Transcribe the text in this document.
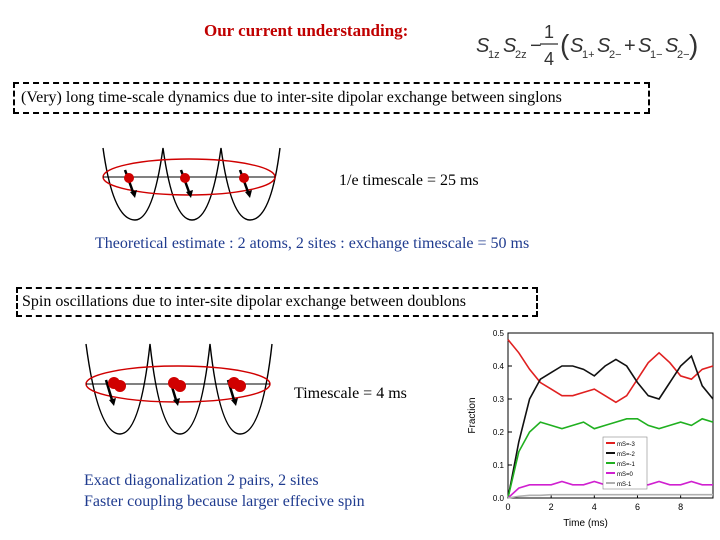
Our current understanding:
S
1z S
2z −
1
4 ( S
1+ S
2− + S
1− S
2− )
(Very) long time-scale dynamics due to inter-site dipolar exchange between singlons
1/e timescale = 25 ms
Theoretical estimate : 2 atoms, 2 sites : exchange timescale = 50 ms
Spin oscillations due to inter-site dipolar exchange between doublons
Timescale = 4 ms
Exact diagonalization 2 pairs, 2 sites
Faster coupling because larger effecive spin	0.0
0.1
0.2
0.3
0.4
0.5
0	2	4	6	8
mS=-3
mS=-2
mS=-1
mS=0
mS-1
Time (ms)
Fraction
